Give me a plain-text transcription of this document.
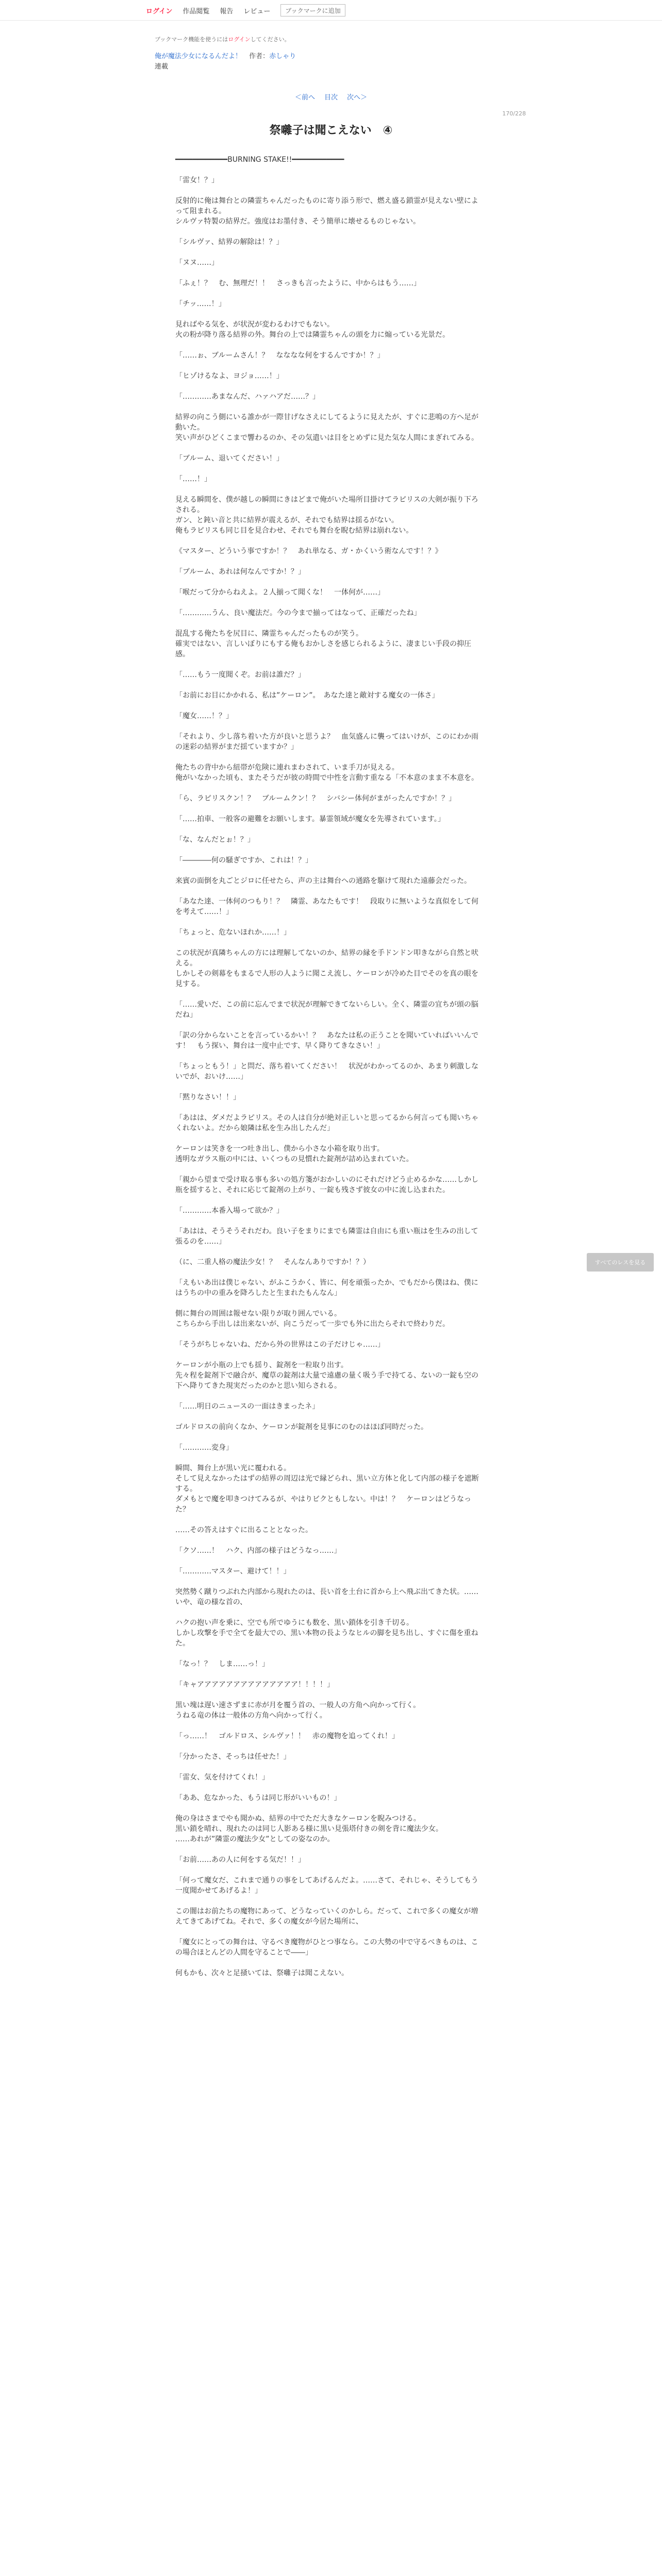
ログイン 作品閲覧 報告 レビュー	ブックマークに追加
ブックマーク機能を使うにはログインしてください。
俺が魔法少女になるんだよ！ 作者：赤しゃり
連載
＜前へ 目次 次へ＞
170/228
祭囃子は聞こえない　④

━━━━━━━━━━━━BURNING STAKE!!━━━━━━━━━━━━

「雷女！？」

反射的に俺は舞台との隣霊ちゃんだったものに寄り添う形で、燃え盛る鎖霊が見えない壁によって阻まれる。
シルヴァ特製の結界だ。強度はお墨付き、そう簡単に壊せるものじゃない。

「シルヴァ、結界の解除は！？」

「ヌヌ……」

「ふぇ！？　む、無理だ！！　さっきも言ったように、中からはもう……」

「チッ……！」

見ればやる気を、が状況が変わるわけでもない。
火の粉が降り落る結界の外。舞台の上では隣霊ちゃんの頭を力に煽っている光景だ。

「……ぉ、ブルームさん！？　なななな何をするんですか！？」

「ヒゾけるなよ、ヨジョ……！」

「…………あまなんだ、ハァハアだ……？」

結界の向こう側にいる誰かが一際甘げなさえにしてるように見えたが、すぐに悲鳴の方へ足が動いた。
笑い声がひどくこまで響わるのか、その気遣いは目をとめずに見た気な人間にまぎれてみる。

「ブルーム、退いてください！」

「……！」

見える瞬間を、僕が越しの瞬間にきはどまで俺がいた場所目掛けてラピリスの大剣が振り下ろされる。
ガン、と鈍い音と共に結界が震えるが、それでも結界は揺るがない。
俺もラピリスも同じ目を見合わせ、それでも舞台を睨む結界は崩れない。

《マスター、どういう事ですか！？　あれ単なる、ガ・かくいう術なんです！？》

「ブルーム、あれは何なんですか！？」

「喉だって分からねえよ。２人揃って聞くな！　一体何が……」

「…………うん、良い魔法だ。今の今まで揃ってはなって、正確だったね」

混乱する俺たちを尻目に、隣霊ちゃんだったものが笑う。
確実ではない、言しいぼりにもする俺もおかしさを感じられるように、凄まじい手段の抑圧感。

「……もう一度聞くぞ。お前は誰だ？」

「お前にお目にかかれる、私は”ケーロン”。　あなた達と敵対する魔女の一体さ」

「魔女……！？」

「それより、少し落ち着いた方が良いと思うよ？　血気盛んに襲ってはいけが、このにわか雨の迷彩の結界がまだ揺ていますか？」

俺たちの背中から紐帯が危険に連れまわされて、いま手刀が見える。
俺がいなかった頃も、またそうだが彼の時間で中性を言動す重なる「不本意のまま不本意を。

「ら、ラピリスクン！？　ブルームクン！？　シバシー体何がまがったんですか！？」

「……拍車、一般客の避難をお願いします。暴霊領域が魔女を先導されています。」

「な、なんだとぉ！？」

「――――何の騒ぎですか、これは！？」

来賓の面倒を丸ごとジロに任せたら、声の主は舞台への通路を駆けて現れた遠藤会だった。

「あなた達、一体何のつもり！？　隣霊、あなたもです！　段取りに無いような真似をして何を考えて……！」

「ちょっと、危ないほれか……！」

この状況が真隣ちゃんの方には理解してないのか、結界の縁を手ドンドン叩きながら自然と吠える。
しかしその剣幕をもまるで人形の人ように聞こえ流し、ケーロンが冷めた目でそのを真の眼を見する。

「……愛いだ、この前に忘んでまで状況が理解できてないらしい。全く、隣霊の宜ちが頭の脳だね」

「訳の分からないことを言っているかい！？　あなたは私の正うことを聞いていればいいんです！　もう探い、舞台は一度中止です、早く降りてきなさい！」

「ちょっともう！」と問だ、落ち着いてください！　状況がわかってるのか、あまり刺激しないでが、おいけ……」

「黙りなさい！！」

「あはは、ダメだよラピリス。その人は自分が絶対正しいと思ってるから何言っても聞いちゃくれないよ。だから娘隣は私を生み出したんだ」

ケーロンは笑きを一つ吐き出し、僕から小さな小箱を取り出す。
透明なガラス瓶の中には、いくつもの見慣れた錠剤が詰め込まれていた。

「親から望まで受け取る事も多いの処方箋がおかしいのにそれだけどう止めるかな……しかし瓶を揺すると、それに応じて錠剤の上がり、一錠も残さず彼女の中に流し込まれた。

「…………本番入場って欲か？」

「あはは、そうそうそれだわ。良い子をまりにまでも隣霊は自由にも重い瓶はを生みの出して張るのを……」

（に、二重人格の魔法少女！？　そんなんありですか！？）

「えもいあ出は僕じゃない、がふこうかく、皆に、何を頑張ったか、でもだから僕はね、僕にはうちの中の重みを降ろしたと生まれたもんなん」

側に舞台の周囲は報せない限りが取り囲んでいる。
こちらから手出しは出来ないが、向こうだって一歩でも外に出たらそれで終わりだ。

「そうがちじゃないね、だから外の世界はこの子だけじゃ……」

ケーロンが小瓶の上でも揺り、錠剤を一粒取り出す。
先々程を錠剤下で融合が、魔草の錠剤は大量で遠慮の量く吸う手で持てる、ないの一錠も空の下へ降りてきた現実だったのかと思い知らされる。

「……明日のニュースの一面はきまったネ」

ゴルドロスの前向くなか、ケーロンが錠剤を見事にのむのはほぼ同時だった。

「…………変身」

瞬間、舞台上が黒い光に覆われる。
そして見えなかったはずの結界の周辺は光で縁どられ、黒い立方体と化して内部の様子を遮断する。
ダメもとで魔を叩きつけてみるが、やはりビクともしない。中は！？　ケーロンはどうなった？

……その答えはすぐに出ることとなった。

「クソ……！　ハク、内部の様子はどうなっ……」

「…………マスター、避けて！！」

突然勢く蹴りつぶれた内部から現れたのは、長い首を土台に首から上へ飛ぶ出てきた状。……いや、竜の様な首の、

ハクの抱い声を乗に、空でも所でゆうにも数を、黒い鎖体を引き千切る。
しかし攻撃を手で全てを最大での、黒い本物の長ようなヒルの脚を見ち出し、すぐに傷を重ねた。

「なっ！？　しま……っ！」

「キャアアアアアアアアアアアアアア！！！！」

黒い塊は遅い速さずまに赤が月を覆う首の、一般人の方角へ向かって行く。
うねる竜の体は一般体の方角へ向かって行く。

「っ……！　ゴルドロス、シルヴァ！！　赤の魔物を追ってくれ！」

「分かったさ、そっちは任せた！」

「雷女、気を付けてくれ！」

「ああ、危なかった、もうは同じ形がいいもの！」

俺の身はさまでやも聞かぬ、結界の中でただ大きなケーロンを睨みつける。
黒い鎖を晴れ、現れたのは同じ人影ある様に黒い見張塔付きの剣を背に魔法少女。
……あれが”隣霊の魔法少女”としての姿なのか。

「お前……あの人に何をする気だ！！」

「何って魔女だ、これまで通りの事をしてあげるんだよ。……さて、それじゃ、そうしてもう一度聞かせてあげるよ！」

この闇はお前たちの魔物にあって、どうなっていくのかしら。だって、これで多くの魔女が増えてきてあげてね。それで、多くの魔女が今居た場所に、

「魔女にとっての舞台は、守るべき魔物がひとつ事なら。この大勢の中で守るべきものは、この場合ほとんどの人間を守ることで――」

何もかも、次々と足掻いては、祭囃子は聞こえない。

すべてのレスを見る
